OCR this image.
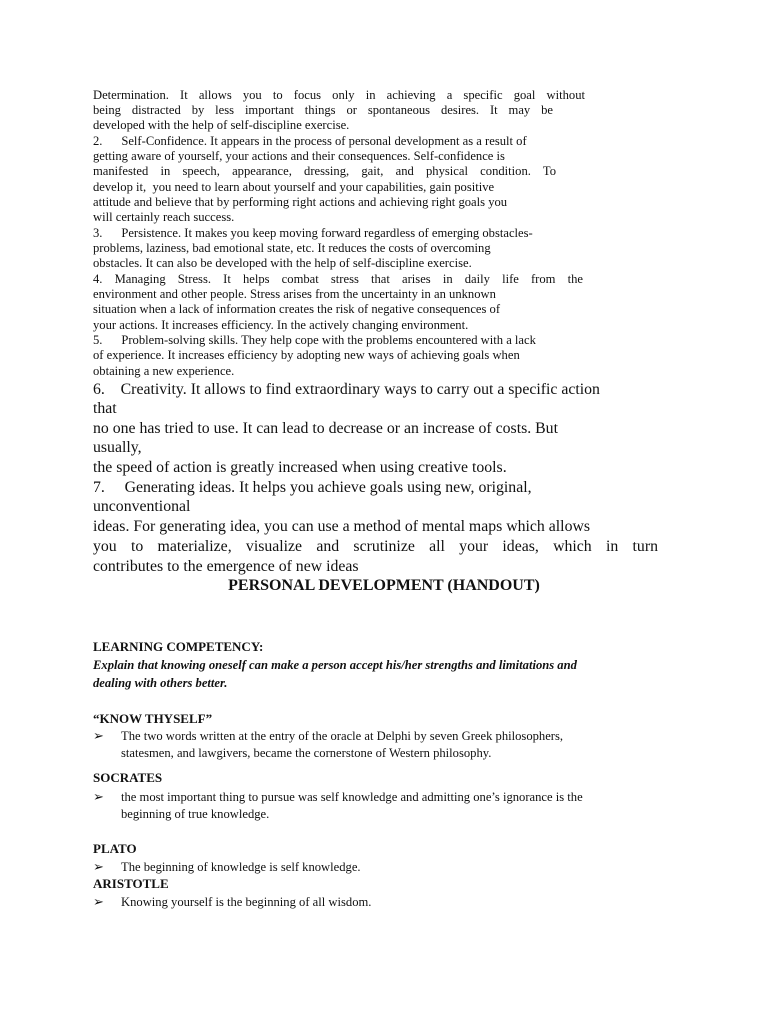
Determination. It allows you to focus only in achieving a specific goal without
being distracted by less important things or spontaneous desires. It may be
developed with the help of self-discipline exercise.
2.      Self-Confidence. It appears in the process of personal development as a result of
getting aware of yourself, your actions and their consequences. Self-confidence is
manifested in speech, appearance, dressing, gait, and physical condition. To
develop it,  you need to learn about yourself and your capabilities, gain positive
attitude and believe that by performing right actions and achieving right goals you
will certainly reach success.
3.      Persistence. It makes you keep moving forward regardless of emerging obstacles-
problems, laziness, bad emotional state, etc. It reduces the costs of overcoming
obstacles. It can also be developed with the help of self-discipline exercise.
4. Managing Stress. It helps combat stress that arises in daily life from the
environment and other people. Stress arises from the uncertainty in an unknown
situation when a lack of information creates the risk of negative consequences of
your actions. It increases efficiency. In the actively changing environment.
5.      Problem-solving skills. They help cope with the problems encountered with a lack
of experience. It increases efficiency by adopting new ways of achieving goals when
obtaining a new experience.
6.    Creativity. It allows to find extraordinary ways to carry out a specific action
that
no one has tried to use. It can lead to decrease or an increase of costs. But
usually,
the speed of action is greatly increased when using creative tools.
7.     Generating ideas. It helps you achieve goals using new, original,
unconventional
ideas. For generating idea, you can use a method of mental maps which allows
you to materialize, visualize and scrutinize all your ideas, which in turn
contributes to the emergence of new ideas
PERSONAL DEVELOPMENT (HANDOUT)
LEARNING COMPETENCY:
Explain that knowing oneself can make a person accept his/her strengths and limitations and
dealing with others better.
“KNOW THYSELF”
➢ The two words written at the entry of the oracle at Delphi by seven Greek philosophers,
statesmen, and lawgivers, became the cornerstone of Western philosophy.
SOCRATES
➢ the most important thing to pursue was self knowledge and admitting one’s ignorance is the
beginning of true knowledge.
PLATO
➢ The beginning of knowledge is self knowledge.
ARISTOTLE
➢ Knowing yourself is the beginning of all wisdom.
